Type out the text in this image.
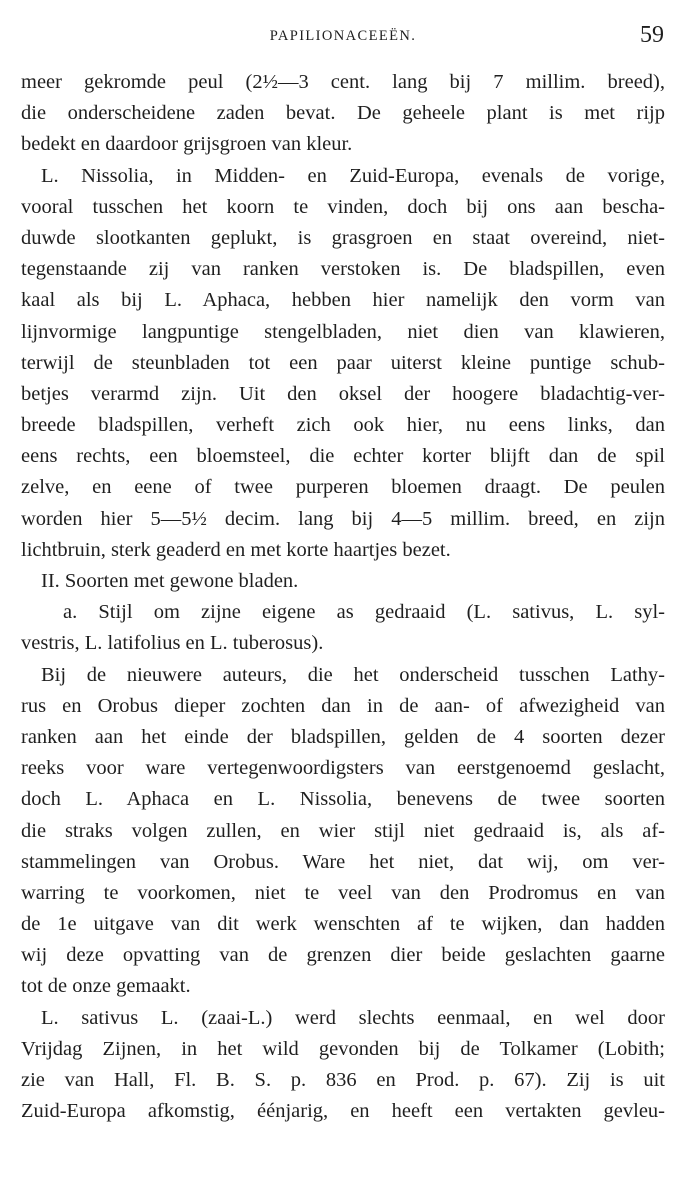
PAPILIONACEEËN.	59
meer gekromde peul (2½—3 cent. lang bij 7 millim. breed),
die onderscheidene zaden bevat. De geheele plant is met rijp
bedekt en daardoor grijsgroen van kleur.
L. Nissolia, in Midden- en Zuid-Europa, evenals de vorige,
vooral tusschen het koorn te vinden, doch bij ons aan bescha-
duwde slootkanten geplukt, is grasgroen en staat overeind, niet-
tegenstaande zij van ranken verstoken is. De bladspillen, even
kaal als bij L. Aphaca, hebben hier namelijk den vorm van
lijnvormige langpuntige stengelbladen, niet dien van klawieren,
terwijl de steunbladen tot een paar uiterst kleine puntige schub-
betjes verarmd zijn. Uit den oksel der hoogere bladachtig-ver-
breede bladspillen, verheft zich ook hier, nu eens links, dan
eens rechts, een bloemsteel, die echter korter blijft dan de spil
zelve, en eene of twee purperen bloemen draagt. De peulen
worden hier 5—5½ decim. lang bij 4—5 millim. breed, en zijn
lichtbruin, sterk geaderd en met korte haartjes bezet.
II. Soorten met gewone bladen.
a. Stijl om zijne eigene as gedraaid (L. sativus, L. syl-
vestris, L. latifolius en L. tuberosus).
Bij de nieuwere auteurs, die het onderscheid tusschen Lathy-
rus en Orobus dieper zochten dan in de aan- of afwezigheid van
ranken aan het einde der bladspillen, gelden de 4 soorten dezer
reeks voor ware vertegenwoordigsters van eerstgenoemd geslacht,
doch L. Aphaca en L. Nissolia, benevens de twee soorten
die straks volgen zullen, en wier stijl niet gedraaid is, als af-
stammelingen van Orobus. Ware het niet, dat wij, om ver-
warring te voorkomen, niet te veel van den Prodromus en van
de 1e uitgave van dit werk wenschten af te wijken, dan hadden
wij deze opvatting van de grenzen dier beide geslachten gaarne
tot de onze gemaakt.
L. sativus L. (zaai-L.) werd slechts eenmaal, en wel door
Vrijdag Zijnen, in het wild gevonden bij de Tolkamer (Lobith;
zie van Hall, Fl. B. S. p. 836 en Prod. p. 67). Zij is uit
Zuid-Europa afkomstig, éénjarig, en heeft een vertakten gevleu-
